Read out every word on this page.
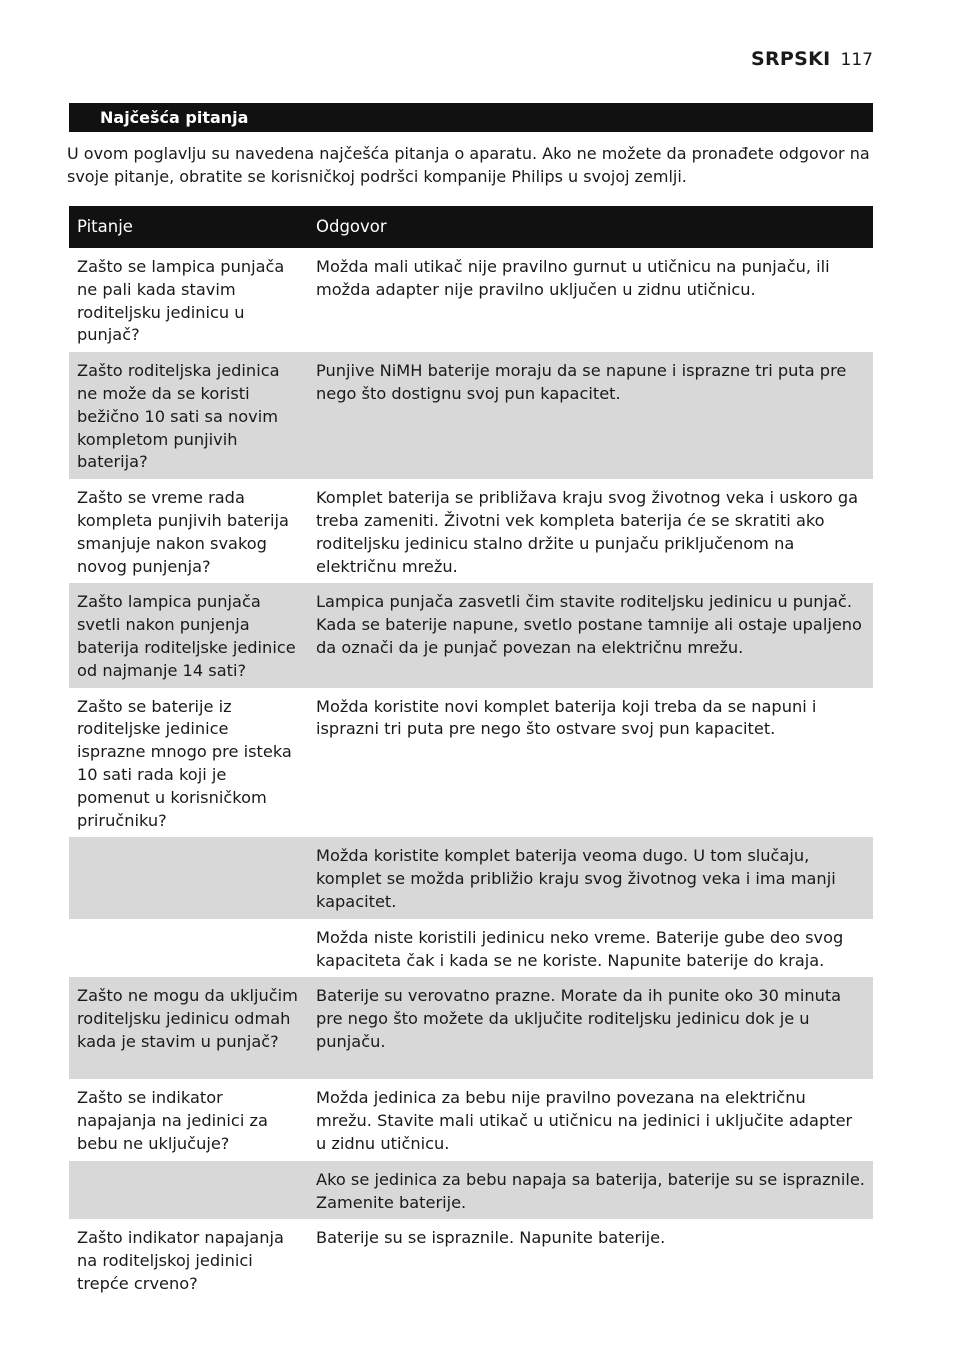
SRPSKI 117
Najčešća pitanja

U ovom poglavlju su navedena najčešća pitanja o aparatu. Ako ne možete da pronađete odgovor na svoje pitanje, obratite se korisničkoj podršci kompanije Philips u svojoj zemlji.

Pitanje	Odgovor
Zašto se lampica punjača ne pali kada stavim roditeljsku jedinicu u punjač?	Možda mali utikač nije pravilno gurnut u utičnicu na punjaču, ili možda adapter nije pravilno uključen u zidnu utičnicu.
Zašto roditeljska jedinica ne može da se koristi bežično 10 sati sa novim kompletom punjivih baterija?	Punjive NiMH baterije moraju da se napune i isprazne tri puta pre nego što dostignu svoj pun kapacitet.
Zašto se vreme rada kompleta punjivih baterija smanjuje nakon svakog novog punjenja?	Komplet baterija se približava kraju svog životnog veka i uskoro ga treba zameniti. Životni vek kompleta baterija će se skratiti ako roditeljsku jedinicu stalno držite u punjaču priključenom na električnu mrežu.
Zašto lampica punjača svetli nakon punjenja baterija roditeljske jedinice od najmanje 14 sati?	Lampica punjača zasvetli čim stavite roditeljsku jedinicu u punjač. Kada se baterije napune, svetlo postane tamnije ali ostaje upaljeno da označi da je punjač povezan na električnu mrežu.
Zašto se baterije iz roditeljske jedinice isprazne mnogo pre isteka 10 sati rada koji je pomenut u korisničkom priručniku?	Možda koristite novi komplet baterija koji treba da se napuni i isprazni tri puta pre nego što ostvare svoj pun kapacitet.
	Možda koristite komplet baterija veoma dugo. U tom slučaju, komplet se možda približio kraju svog životnog veka i ima manji kapacitet.
	Možda niste koristili jedinicu neko vreme. Baterije gube deo svog kapaciteta čak i kada se ne koriste. Napunite baterije do kraja.
Zašto ne mogu da uključim roditeljsku jedinicu odmah kada je stavim u punjač?	Baterije su verovatno prazne. Morate da ih punite oko 30 minuta pre nego što možete da uključite roditeljsku jedinicu dok je u punjaču.
Zašto se indikator napajanja na jedinici za bebu ne uključuje?	Možda jedinica za bebu nije pravilno povezana na električnu mrežu. Stavite mali utikač u utičnicu na jedinici i uključite adapter u zidnu utičnicu.
	Ako se jedinica za bebu napaja sa baterija, baterije su se ispraznile. Zamenite baterije.
Zašto indikator napajanja na roditeljskoj jedinici trepće crveno?	Baterije su se ispraznile. Napunite baterije.
